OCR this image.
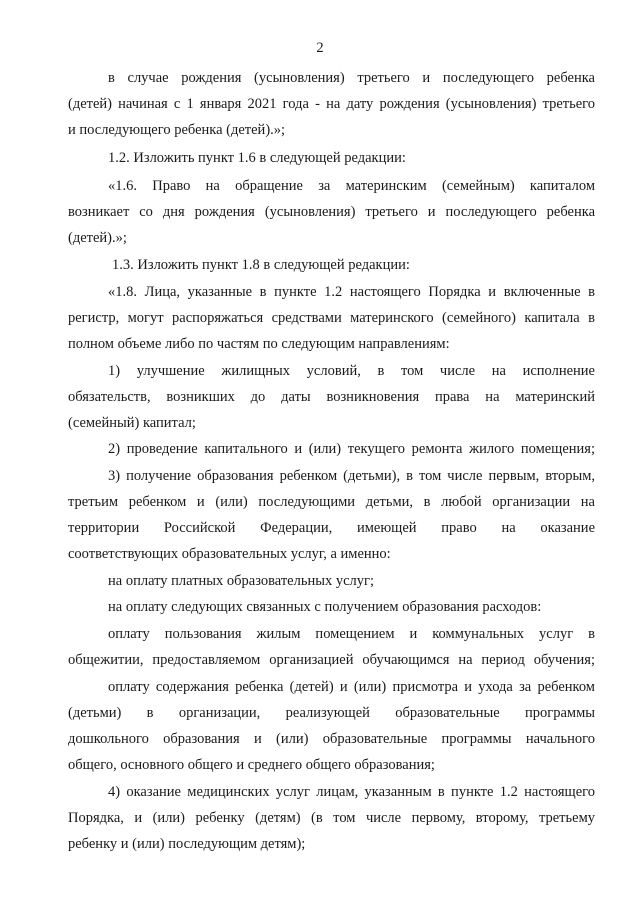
2
в случае рождения (усыновления) третьего и последующего ребенка
(детей) начиная с 1 января 2021 года - на дату рождения (усыновления) третьего
и последующего ребенка (детей).»;
1.2. Изложить пункт 1.6 в следующей редакции:
«1.6. Право на обращение за материнским (семейным) капиталом
возникает со дня рождения (усыновления) третьего и последующего ребенка
(детей).»;
1.3. Изложить пункт 1.8 в следующей редакции:
«1.8. Лица, указанные в пункте 1.2 настоящего Порядка и включенные в
регистр, могут распоряжаться средствами материнского (семейного) капитала в
полном объеме либо по частям по следующим направлениям:
1) улучшение жилищных условий, в том числе на исполнение
обязательств, возникших до даты возникновения права на материнский
(семейный) капитал;
2) проведение капитального и (или) текущего ремонта жилого помещения;
3) получение образования ребенком (детьми), в том числе первым, вторым,
третьим ребенком и (или) последующими детьми, в любой организации на
территории Российской Федерации, имеющей право на оказание
соответствующих образовательных услуг, а именно:
на оплату платных образовательных услуг;
на оплату следующих связанных с получением образования расходов:
оплату пользования жилым помещением и коммунальных услуг в
общежитии, предоставляемом организацией обучающимся на период обучения;
оплату содержания ребенка (детей) и (или) присмотра и ухода за ребенком
(детьми) в организации, реализующей образовательные программы
дошкольного образования и (или) образовательные программы начального
общего, основного общего и среднего общего образования;
4) оказание медицинских услуг лицам, указанным в пункте 1.2 настоящего
Порядка, и (или) ребенку (детям) (в том числе первому, второму, третьему
ребенку и (или) последующим детям);
